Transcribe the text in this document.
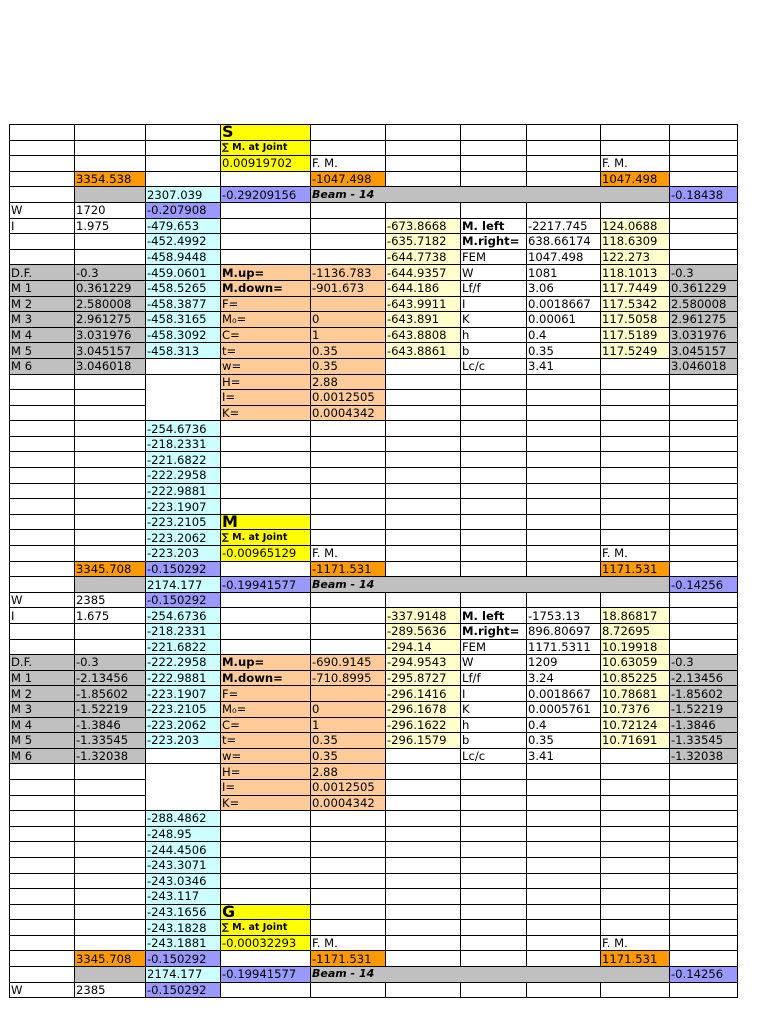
			S						
			∑ M. at Joint						
			0.00919702	F. M.				F. M.	
	3354.538			-1047.498				1047.498	
		2307.039	-0.29209156	Beam - 14					-0.18438
W	1720	-0.207908							
I	1.975	-479.653			-673.8668	M. left	-2217.745	124.0688	
		-452.4992			-635.7182	M.right=	638.66174	118.6309	
		-458.9448			-644.7738	FEM	1047.498	122.273	
D.F.	-0.3	-459.0601	M.up=	-1136.783	-644.9357	W	1081	118.1013	-0.3
M 1	0.361229	-458.5265	M.down=	-901.673	-644.186	Lf/f	3.06	117.7449	0.361229
M 2	2.580008	-458.3877	F=		-643.9911	I	0.0018667	117.5342	2.580008
M 3	2.961275	-458.3165	M₀=	0	-643.891	K	0.00061	117.5058	2.961275
M 4	3.031976	-458.3092	C=	1	-643.8808	h	0.4	117.5189	3.031976
M 5	3.045157	-458.313	t=	0.35	-643.8861	b	0.35	117.5249	3.045157
M 6	3.046018		w=	0.35		Lc/c	3.41		3.046018
			H=	2.88					
			I=	0.0012505					
			K=	0.0004342					
		-254.6736							
		-218.2331							
		-221.6822							
		-222.2958							
		-222.9881							
		-223.1907							
		-223.2105	M						
		-223.2062	∑ M. at Joint						
		-223.203	-0.00965129	F. M.				F. M.	
	3345.708	-0.150292		-1171.531				1171.531	
		2174.177	-0.19941577	Beam - 14					-0.14256
W	2385	-0.150292							
I	1.675	-254.6736			-337.9148	M. left	-1753.13	18.86817	
		-218.2331			-289.5636	M.right=	896.80697	8.72695	
		-221.6822			-294.14	FEM	1171.5311	10.19918	
D.F.	-0.3	-222.2958	M.up=	-690.9145	-294.9543	W	1209	10.63059	-0.3
M 1	-2.13456	-222.9881	M.down=	-710.8995	-295.8727	Lf/f	3.24	10.85225	-2.13456
M 2	-1.85602	-223.1907	F=		-296.1416	I	0.0018667	10.78681	-1.85602
M 3	-1.52219	-223.2105	M₀=	0	-296.1678	K	0.0005761	10.7376	-1.52219
M 4	-1.3846	-223.2062	C=	1	-296.1622	h	0.4	10.72124	-1.3846
M 5	-1.33545	-223.203	t=	0.35	-296.1579	b	0.35	10.71691	-1.33545
M 6	-1.32038		w=	0.35		Lc/c	3.41		-1.32038
			H=	2.88					
			I=	0.0012505					
			K=	0.0004342					
		-288.4862							
		-248.95							
		-244.4506							
		-243.3071							
		-243.0346							
		-243.117							
		-243.1656	G						
		-243.1828	∑ M. at Joint						
		-243.1881	-0.00032293	F. M.				F. M.	
	3345.708	-0.150292		-1171.531				1171.531	
		2174.177	-0.19941577	Beam - 14					-0.14256
W	2385	-0.150292							
